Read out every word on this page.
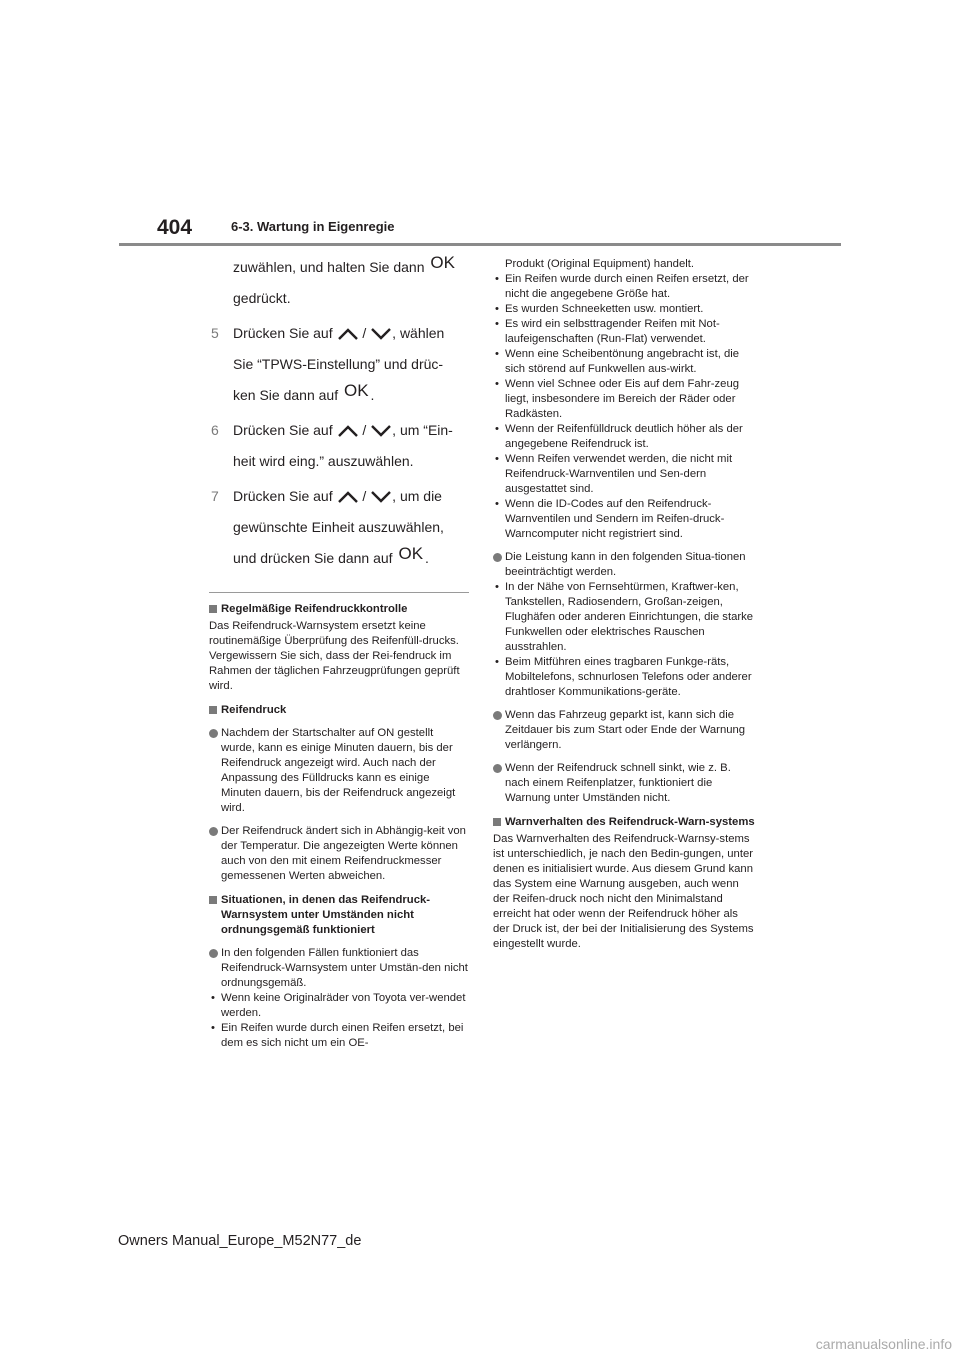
404	6-3. Wartung in Eigenregie
zuwählen, und halten Sie dann OK
gedrückt.
5 Drücken Sie auf / , wählen
Sie “TPWS-Einstellung” und drüc-
ken Sie dann auf OK .
6 Drücken Sie auf / , um “Ein-
heit wird eing.” auszuwählen.
7 Drücken Sie auf / , um die
gewünschte Einheit auszuwählen,
und drücken Sie dann auf OK .
Regelmäßige Reifendruckkontrolle
Das Reifendruck-Warnsystem ersetzt keine routinemäßige Überprüfung des Reifenfüll-drucks. Vergewissern Sie sich, dass der Rei-fendruck im Rahmen der täglichen Fahrzeugprüfungen geprüft wird.
Reifendruck
Nachdem der Startschalter auf ON gestellt wurde, kann es einige Minuten dauern, bis der Reifendruck angezeigt wird. Auch nach der Anpassung des Fülldrucks kann es einige Minuten dauern, bis der Reifendruck angezeigt wird.
Der Reifendruck ändert sich in Abhängig-keit von der Temperatur. Die angezeigten Werte können auch von den mit einem Reifendruckmesser gemessenen Werten abweichen.
Situationen, in denen das Reifendruck-Warnsystem unter Umständen nicht ordnungsgemäß funktioniert
In den folgenden Fällen funktioniert das Reifendruck-Warnsystem unter Umstän-den nicht ordnungsgemäß.
• Wenn keine Originalräder von Toyota ver-wendet werden.
• Ein Reifen wurde durch einen Reifen ersetzt, bei dem es sich nicht um ein OE-
Produkt (Original Equipment) handelt.
• Ein Reifen wurde durch einen Reifen ersetzt, der nicht die angegebene Größe hat.
• Es wurden Schneeketten usw. montiert.
• Es wird ein selbsttragender Reifen mit Not-laufeigenschaften (Run-Flat) verwendet.
• Wenn eine Scheibentönung angebracht ist, die sich störend auf Funkwellen aus-wirkt.
• Wenn viel Schnee oder Eis auf dem Fahr-zeug liegt, insbesondere im Bereich der Räder oder Radkästen.
• Wenn der Reifenfülldruck deutlich höher als der angegebene Reifendruck ist.
• Wenn Reifen verwendet werden, die nicht mit Reifendruck-Warnventilen und Sen-dern ausgestattet sind.
• Wenn die ID-Codes auf den Reifendruck-Warnventilen und Sendern im Reifen-druck-Warncomputer nicht registriert sind.
Die Leistung kann in den folgenden Situa-tionen beeinträchtigt werden.
• In der Nähe von Fernsehtürmen, Kraftwer-ken, Tankstellen, Radiosendern, Großan-zeigen, Flughäfen oder anderen Einrichtungen, die starke Funkwellen oder elektrisches Rauschen ausstrahlen.
• Beim Mitführen eines tragbaren Funkge-räts, Mobiltelefons, schnurlosen Telefons oder anderer drahtloser Kommunikations-geräte.
Wenn das Fahrzeug geparkt ist, kann sich die Zeitdauer bis zum Start oder Ende der Warnung verlängern.
Wenn der Reifendruck schnell sinkt, wie z. B. nach einem Reifenplatzer, funktioniert die Warnung unter Umständen nicht.
Warnverhalten des Reifendruck-Warn-systems
Das Warnverhalten des Reifendruck-Warnsy-stems ist unterschiedlich, je nach den Bedin-gungen, unter denen es initialisiert wurde. Aus diesem Grund kann das System eine Warnung ausgeben, auch wenn der Reifen-druck noch nicht den Minimalstand erreicht hat oder wenn der Reifendruck höher als der Druck ist, der bei der Initialisierung des Systems eingestellt wurde.
Owners Manual_Europe_M52N77_de
carmanualsonline.info
